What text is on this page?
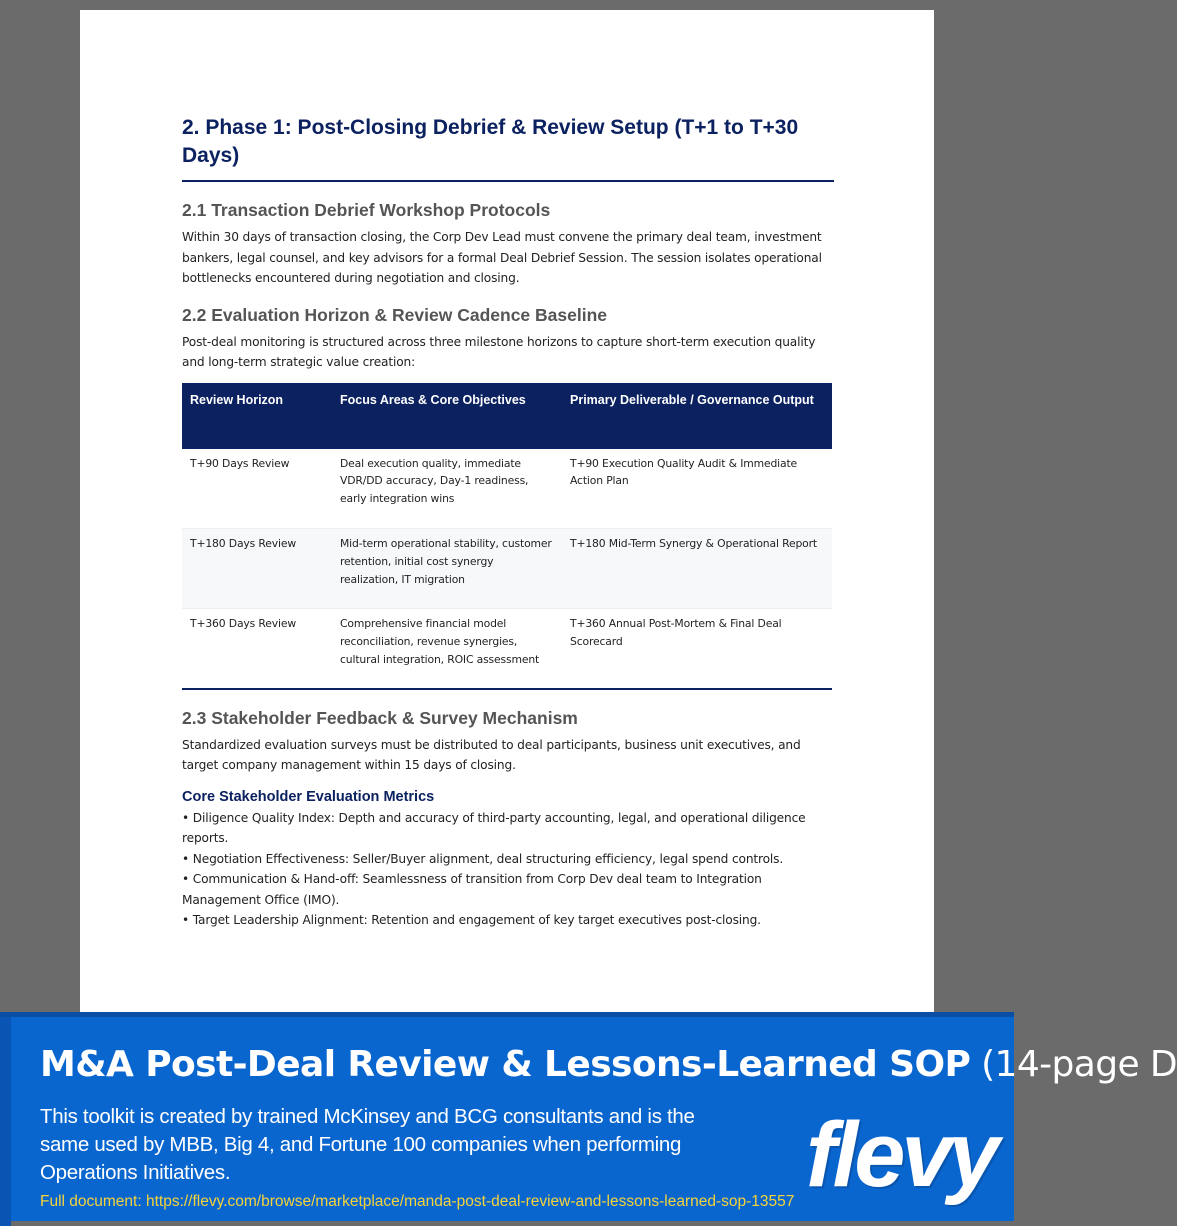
2. Phase 1: Post-Closing Debrief & Review Setup (T+1 to T+30 Days)
2.1 Transaction Debrief Workshop Protocols
Within 30 days of transaction closing, the Corp Dev Lead must convene the primary deal team, investment bankers, legal counsel, and key advisors for a formal Deal Debrief Session. The session isolates operational bottlenecks encountered during negotiation and closing.
2.2 Evaluation Horizon & Review Cadence Baseline
Post-deal monitoring is structured across three milestone horizons to capture short-term execution quality and long-term strategic value creation:
Review Horizon	Focus Areas & Core Objectives	Primary Deliverable / Governance Output
T+90 Days Review	Deal execution quality, immediate VDR/DD accuracy, Day-1 readiness, early integration wins	T+90 Execution Quality Audit & Immediate Action Plan
T+180 Days Review	Mid-term operational stability, customer retention, initial cost synergy realization, IT migration	T+180 Mid-Term Synergy & Operational Report
T+360 Days Review	Comprehensive financial model reconciliation, revenue synergies, cultural integration, ROIC assessment	T+360 Annual Post-Mortem & Final Deal Scorecard
2.3 Stakeholder Feedback & Survey Mechanism
Standardized evaluation surveys must be distributed to deal participants, business unit executives, and target company management within 15 days of closing.
Core Stakeholder Evaluation Metrics
• Diligence Quality Index: Depth and accuracy of third-party accounting, legal, and operational diligence reports.
• Negotiation Effectiveness: Seller/Buyer alignment, deal structuring efficiency, legal spend controls.
• Communication & Hand-off: Seamlessness of transition from Corp Dev deal team to Integration Management Office (IMO).
• Target Leadership Alignment: Retention and engagement of key target executives post-closing.
M&A Post-Deal Review & Lessons-Learned SOP (14-page D
This toolkit is created by trained McKinsey and BCG consultants and is the same used by MBB, Big 4, and Fortune 100 companies when performing Operations Initiatives.
Full document: https://flevy.com/browse/marketplace/manda-post-deal-review-and-lessons-learned-sop-13557 flevy
